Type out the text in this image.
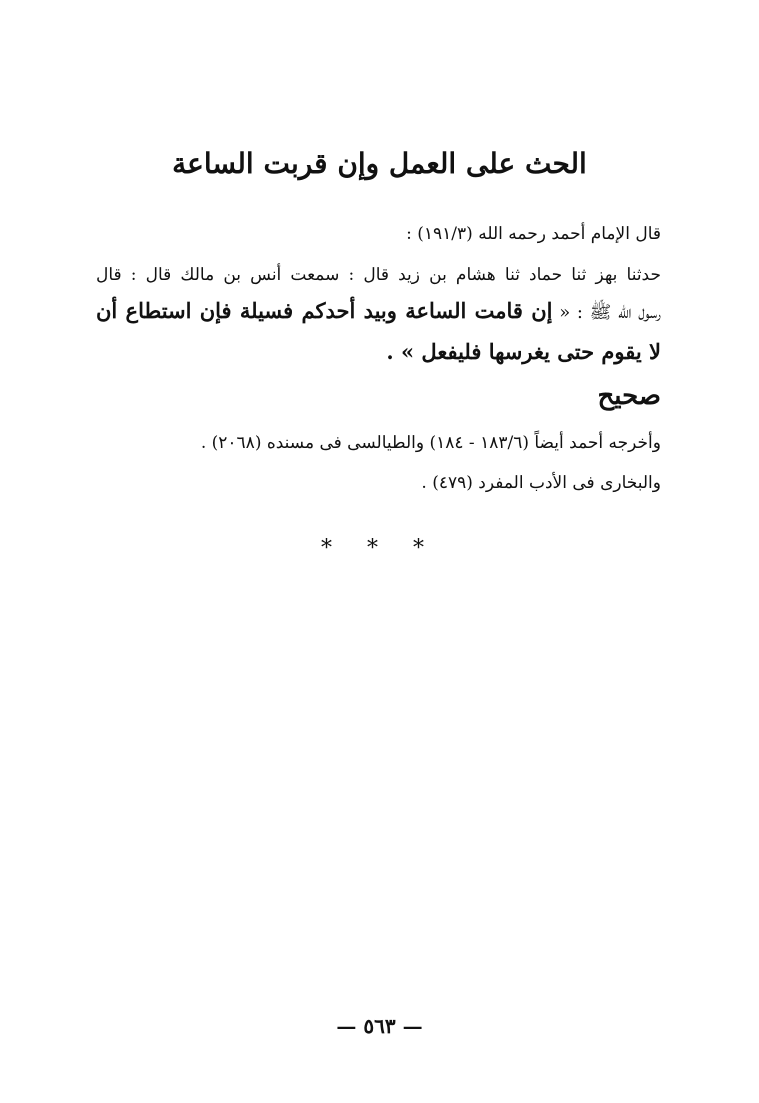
الحث على العمل وإن قربت الساعة
قال الإمام أحمد رحمه الله (١٩١/٣) :
حدثنا بهز ثنا حماد ثنا هشام بن زيد قال : سمعت أنس بن مالك قال : قال
رسول الله ﷺ : « إن قامت الساعة وبيد أحدكم فسيلة فإن استطاع أن
لا يقوم حتى يغرسها فليفعل » .
صحيح
وأخرجه أحمد أيضاً (١٨٣/٦ - ١٨٤) والطيالسى فى مسنده (٢٠٦٨) .
والبخارى فى الأدب المفرد (٤٧٩) .
* * *
— ٥٦٣ —
